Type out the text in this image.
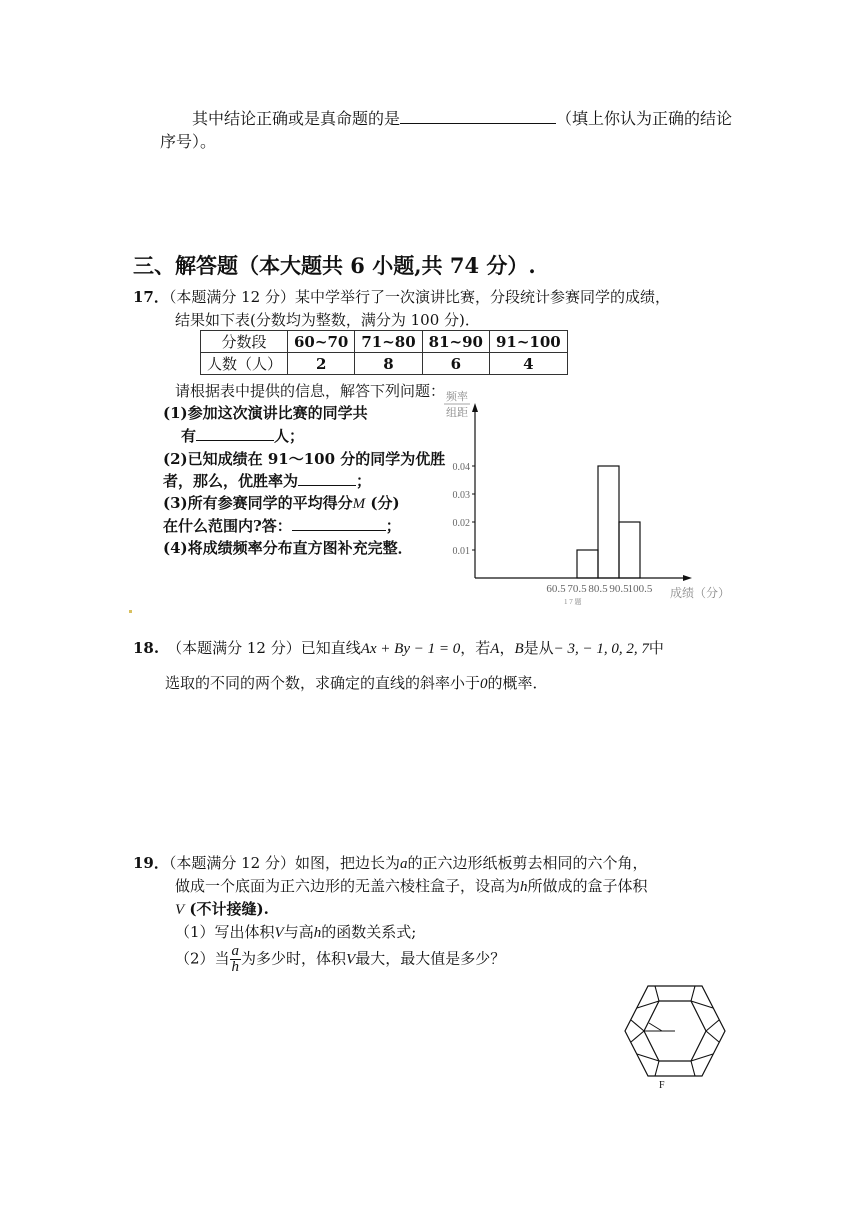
其中结论正确或是真命题的是	（填上你认为正确的结论
序号）。
三、解答题（本大题共 6 小题,共 74 分）.
17．（本题满分 12 分）某中学举行了一次演讲比赛，分段统计参赛同学的成绩，
结果如下表(分数均为整数，满分为 100 分)．
分数段	60~70	71~80	81~90	91~100
人数（人）	2	8	6	4
请根据表中提供的信息，解答下列问题：
(1)参加这次演讲比赛的同学共
有	人；
(2)已知成绩在 91～100 分的同学为优胜
者，那么，优胜率为	；
(3)所有参赛同学的平均得分M (分)
在什么范围内?答：	；
(4)将成绩频率分布直方图补充完整．
频率
组距
0.04
0.03
0.02
0.01
60.5 70.5 80.5 90.5 100.5 成绩（分）
1 7 题
18. （本题满分 12 分）已知直线Ax + By − 1 = 0，若A，B是从− 3, − 1, 0, 2, 7中
选取的不同的两个数，求确定的直线的斜率小于0的概率．
19．（本题满分 12 分）如图，把边长为a的正六边形纸板剪去相同的六个角，
做成一个底面为正六边形的无盖六棱柱盒子，设高为h所做成的盒子体积
V (不计接缝).
（1）写出体积V与高h的函数关系式;
（2）当 $\frac{a}{h}$ 为多少时，体积V最大，最大值是多少？
F
